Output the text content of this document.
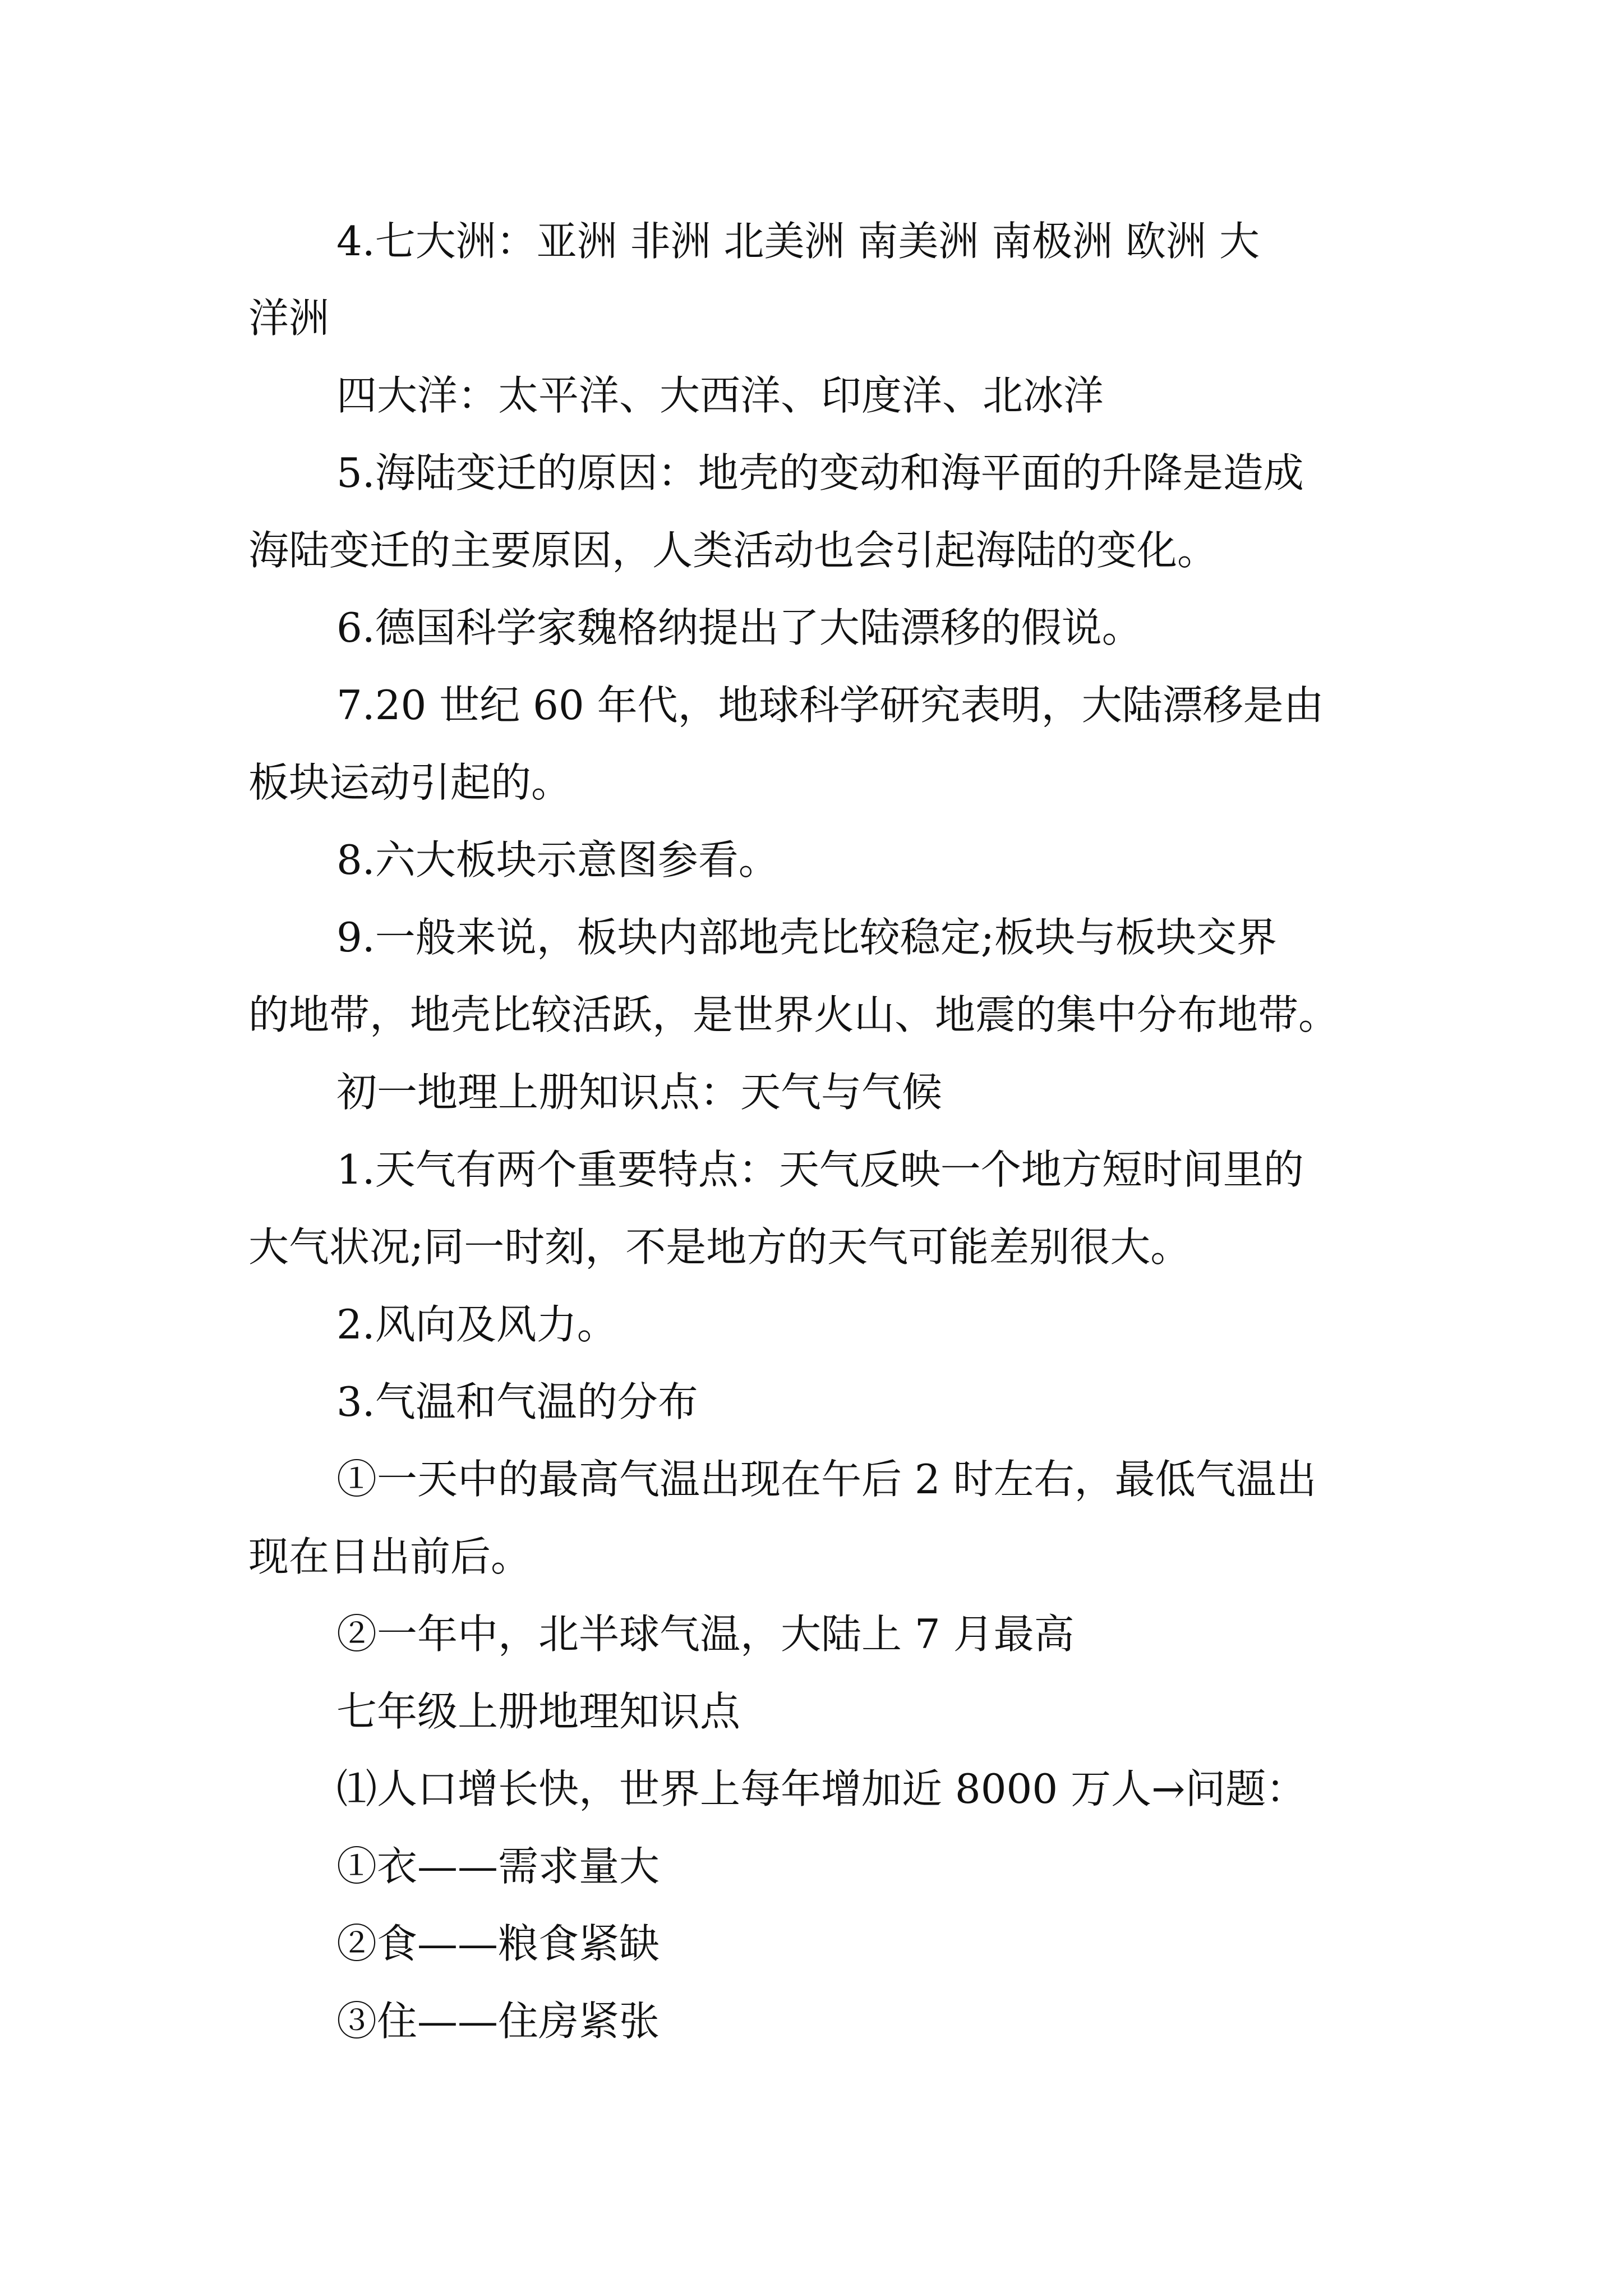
4.七大洲：亚洲 非洲 北美洲 南美洲 南极洲 欧洲 大

洋洲

四大洋：太平洋、大西洋、印度洋、北冰洋

5.海陆变迁的原因：地壳的变动和海平面的升降是造成

海陆变迁的主要原因，人类活动也会引起海陆的变化。

6.德国科学家魏格纳提出了大陆漂移的假说。

7.20 世纪 60 年代，地球科学研究表明，大陆漂移是由

板块运动引起的。

8.六大板块示意图参看。

9.一般来说，板块内部地壳比较稳定;板块与板块交界

的地带，地壳比较活跃，是世界火山、地震的集中分布地带。

初一地理上册知识点：天气与气候

1.天气有两个重要特点：天气反映一个地方短时间里的

大气状况;同一时刻，不是地方的天气可能差别很大。

2.风向及风力。

3.气温和气温的分布

①一天中的最高气温出现在午后 2 时左右，最低气温出

现在日出前后。

②一年中，北半球气温，大陆上 7 月最高

七年级上册地理知识点

⑴人口增长快，世界上每年增加近 8000 万人→问题：

①衣——需求量大

②食——粮食紧缺

③住——住房紧张
